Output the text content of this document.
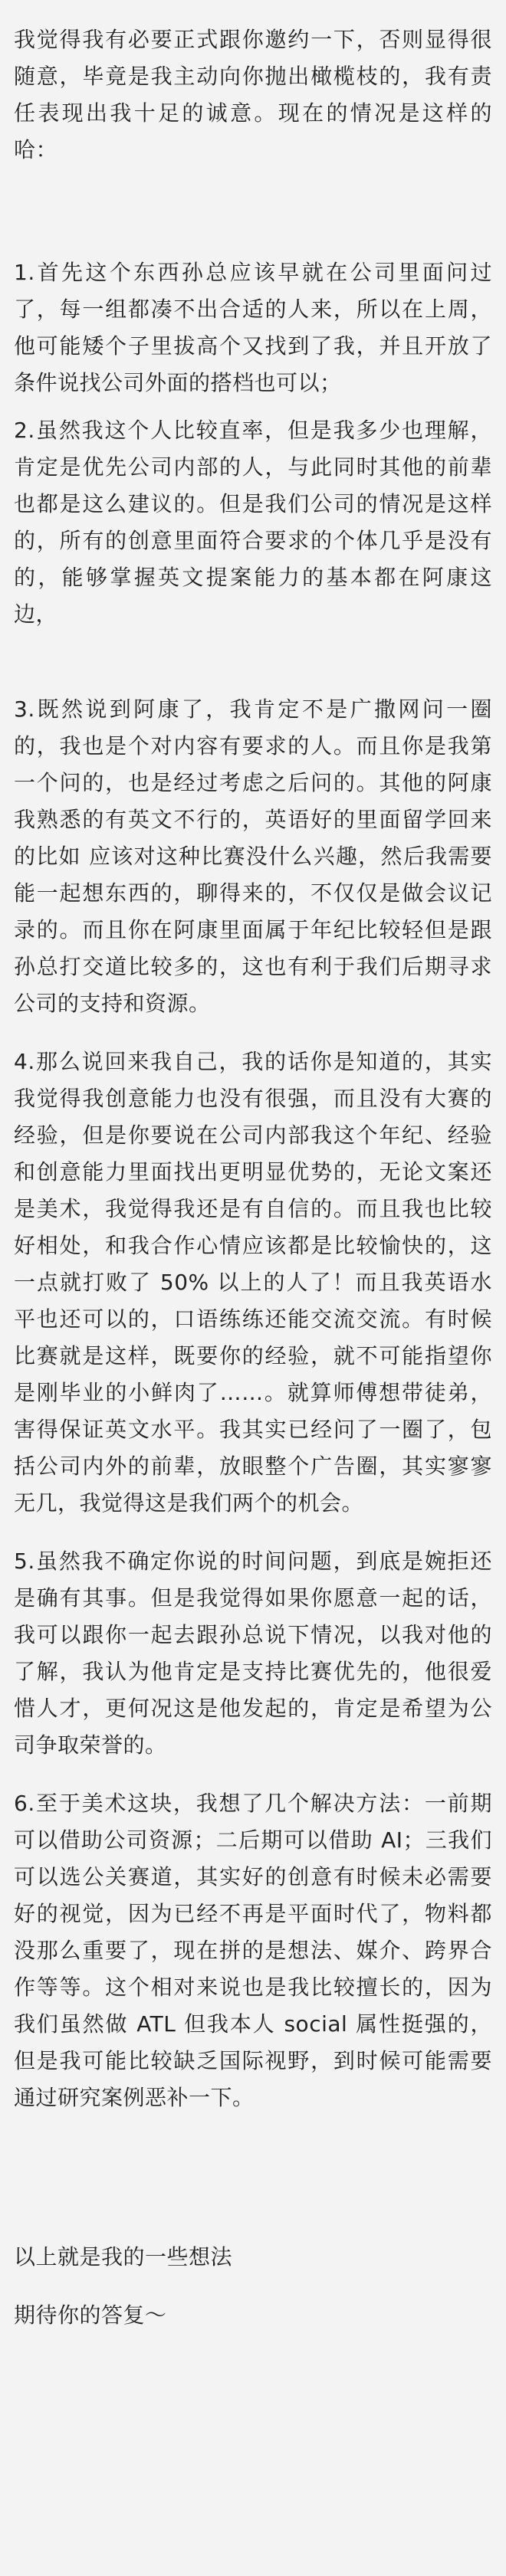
我觉得我有必要正式跟你邀约一下，否则显得很随意，毕竟是我主动向你抛出橄榄枝的，我有责任表现出我十足的诚意。现在的情况是这样的哈：

1.首先这个东西孙总应该早就在公司里面问过了，每一组都凑不出合适的人来，所以在上周，他可能矮个子里拔高个又找到了我，并且开放了条件说找公司外面的搭档也可以；

2.虽然我这个人比较直率，但是我多少也理解，肯定是优先公司内部的人，与此同时其他的前辈也都是这么建议的。但是我们公司的情况是这样的，所有的创意里面符合要求的个体几乎是没有的，能够掌握英文提案能力的基本都在阿康这边，

3.既然说到阿康了，我肯定不是广撒网问一圈的，我也是个对内容有要求的人。而且你是我第一个问的，也是经过考虑之后问的。其他的阿康我熟悉的有英文不行的，英语好的里面留学回来的比如 应该对这种比赛没什么兴趣，然后我需要能一起想东西的，聊得来的，不仅仅是做会议记录的。而且你在阿康里面属于年纪比较轻但是跟孙总打交道比较多的，这也有利于我们后期寻求公司的支持和资源。

4.那么说回来我自己，我的话你是知道的，其实我觉得我创意能力也没有很强，而且没有大赛的经验，但是你要说在公司内部我这个年纪、经验和创意能力里面找出更明显优势的，无论文案还是美术，我觉得我还是有自信的。而且我也比较好相处，和我合作心情应该都是比较愉快的，这一点就打败了 50% 以上的人了！而且我英语水平也还可以的，口语练练还能交流交流。有时候比赛就是这样，既要你的经验，就不可能指望你是刚毕业的小鲜肉了……。就算师傅想带徒弟，害得保证英文水平。我其实已经问了一圈了，包括公司内外的前辈，放眼整个广告圈，其实寥寥无几，我觉得这是我们两个的机会。

5.虽然我不确定你说的时间问题，到底是婉拒还是确有其事。但是我觉得如果你愿意一起的话，我可以跟你一起去跟孙总说下情况，以我对他的了解，我认为他肯定是支持比赛优先的，他很爱惜人才，更何况这是他发起的，肯定是希望为公司争取荣誉的。

6.至于美术这块，我想了几个解决方法：一前期可以借助公司资源；二后期可以借助 AI；三我们可以选公关赛道，其实好的创意有时候未必需要好的视觉，因为已经不再是平面时代了，物料都没那么重要了，现在拼的是想法、媒介、跨界合作等等。这个相对来说也是我比较擅长的，因为我们虽然做 ATL 但我本人 social 属性挺强的，但是我可能比较缺乏国际视野，到时候可能需要通过研究案例恶补一下。

以上就是我的一些想法

期待你的答复～
